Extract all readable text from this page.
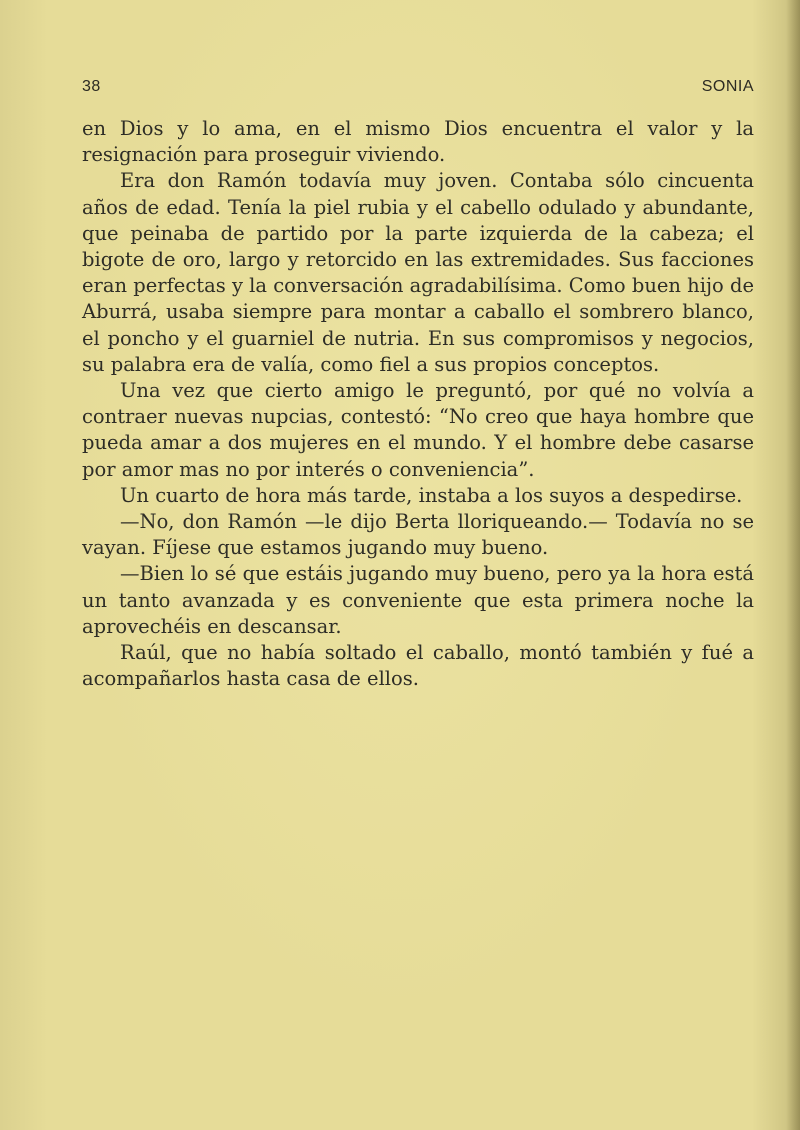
38	SONIA

en Dios y lo ama, en el mismo Dios encuentra el valor y la resignación para proseguir viviendo.

Era don Ramón todavía muy joven. Contaba sólo cincuenta años de edad. Tenía la piel rubia y el cabello odulado y abundante, que peinaba de partido por la parte izquierda de la cabeza; el bigote de oro, largo y retorcido en las extremidades. Sus facciones eran perfectas y la conversación agradabilísima. Como buen hijo de Aburrá, usaba siempre para montar a caballo el sombrero blanco, el poncho y el guarniel de nutria. En sus compromisos y negocios, su palabra era de valía, como fiel a sus propios conceptos.

Una vez que cierto amigo le preguntó, por qué no volvía a contraer nuevas nupcias, contestó: “No creo que haya hombre que pueda amar a dos mujeres en el mundo. Y el hombre debe casarse por amor mas no por interés o conveniencia”.

Un cuarto de hora más tarde, instaba a los suyos a despedirse.

—No, don Ramón —le dijo Berta lloriqueando.— Todavía no se vayan. Fíjese que estamos jugando muy bueno.

—Bien lo sé que estáis jugando muy bueno, pero ya la hora está un tanto avanzada y es conveniente que esta primera noche la aprovechéis en descansar.

Raúl, que no había soltado el caballo, montó también y fué a acompañarlos hasta casa de ellos.
